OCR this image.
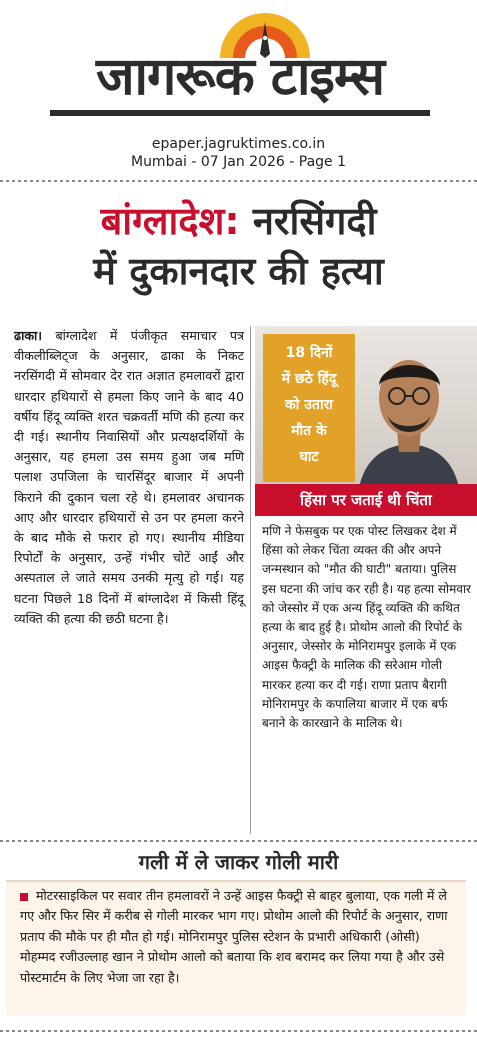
जागरूक टाइम्स
epaper.jagruktimes.co.in
Mumbai - 07 Jan 2026 - Page 1
बांग्लादेश: नरसिंगदी
में दुकानदार की हत्या
ढाका। बांग्लादेश में पंजीकृत समाचार पत्र वीकलीब्लिट्ज के अनुसार, ढाका के निकट नरसिंगदी में सोमवार देर रात अज्ञात हमलावरों द्वारा धारदार हथियारों से हमला किए जाने के बाद 40 वर्षीय हिंदू व्यक्ति शरत चक्रवर्ती मणि की हत्या कर दी गई। स्थानीय निवासियों और प्रत्यक्षदर्शियों के अनुसार, यह हमला उस समय हुआ जब मणि पलाश उपजिला के चारसिंदूर बाजार में अपनी किराने की दुकान चला रहे थे। हमलावर अचानक आए और धारदार हथियारों से उन पर हमला करने के बाद मौके से फरार हो गए। स्थानीय मीडिया रिपोर्टों के अनुसार, उन्हें गंभीर चोटें आईं और अस्पताल ले जाते समय उनकी मृत्यु हो गई। यह घटना पिछले 18 दिनों में बांग्लादेश में किसी हिंदू व्यक्ति की हत्या की छठी घटना है।
18 दिनों
में छठे हिंदू
को उतारा
मौत के
घाट
हिंसा पर जताई थी चिंता
मणि ने फेसबुक पर एक पोस्ट लिखकर देश में हिंसा को लेकर चिंता व्यक्त की और अपने जन्मस्थान को "मौत की घाटी" बताया। पुलिस इस घटना की जांच कर रही है। यह हत्या सोमवार को जेस्सोर में एक अन्य हिंदू व्यक्ति की कथित हत्या के बाद हुई है। प्रोथोम आलो की रिपोर्ट के अनुसार, जेस्सोर के मोनिरामपुर इलाके में एक आइस फैक्ट्री के मालिक की सरेआम गोली मारकर हत्या कर दी गई। राणा प्रताप बैरागी मोनिरामपुर के कपालिया बाजार में एक बर्फ बनाने के कारखाने के मालिक थे।
गली में ले जाकर गोली मारी
मोटरसाइकिल पर सवार तीन हमलावरों ने उन्हें आइस फैक्ट्री से बाहर बुलाया, एक गली में ले गए और फिर सिर में करीब से गोली मारकर भाग गए। प्रोथोम आलो की रिपोर्ट के अनुसार, राणा प्रताप की मौके पर ही मौत हो गई। मोनिरामपुर पुलिस स्टेशन के प्रभारी अधिकारी (ओसी) मोहम्मद रजीउल्लाह खान ने प्रोथोम आलो को बताया कि शव बरामद कर लिया गया है और उसे पोस्टमार्टम के लिए भेजा जा रहा है।
